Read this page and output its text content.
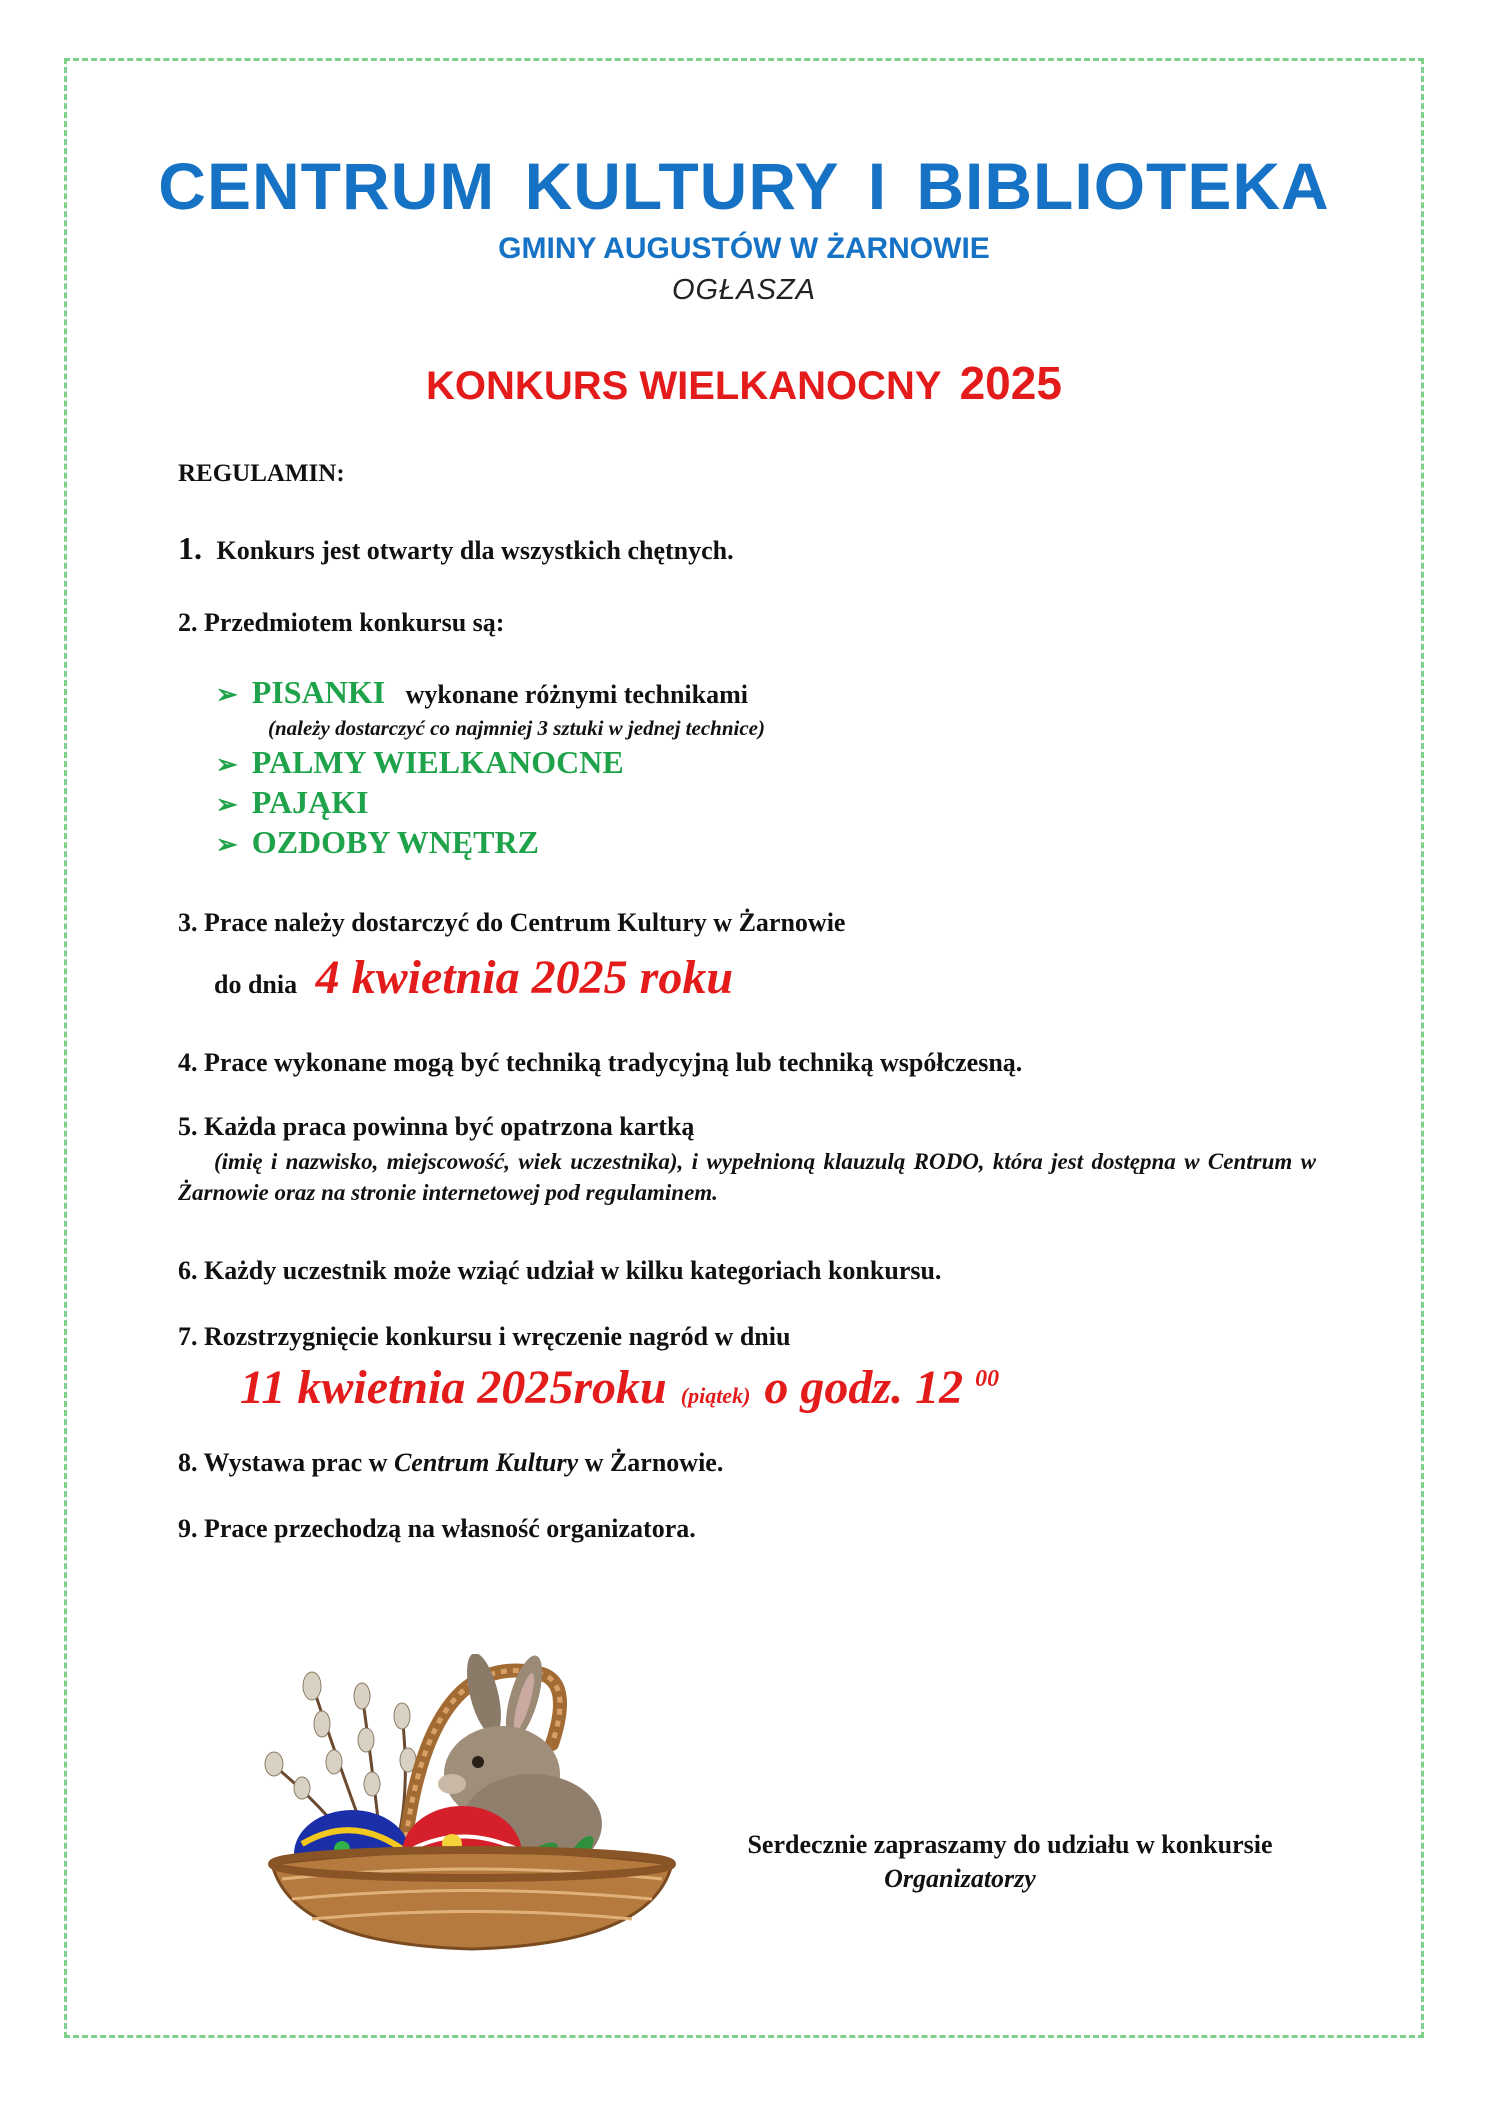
CENTRUM KULTURY I BIBLIOTEKA
GMINY AUGUSTÓW W ŻARNOWIE
OGŁASZA
KONKURS WIELKANOCNY 2025
REGULAMIN:
1. Konkurs jest otwarty dla wszystkich chętnych.
2. Przedmiotem konkursu są:
➢ PISANKI wykonane różnymi technikami
(należy dostarczyć co najmniej 3 sztuki w jednej technice)
➢ PALMY WIELKANOCNE
➢ PAJĄKI
➢ OZDOBY WNĘTRZ
3. Prace należy dostarczyć do Centrum Kultury w Żarnowie
do dnia 4 kwietnia 2025 roku
4. Prace wykonane mogą być techniką tradycyjną lub techniką współczesną.
5. Każda praca powinna być opatrzona kartką
(imię i nazwisko, miejscowość, wiek uczestnika), i wypełnioną klauzulą RODO, która jest dostępna w Centrum w Żarnowie oraz na stronie internetowej pod regulaminem.
6. Każdy uczestnik może wziąć udział w kilku kategoriach konkursu.
7. Rozstrzygnięcie konkursu i wręczenie nagród w dniu
11 kwietnia 2025roku (piątek) o godz. 12 $^{00}$
8. Wystawa prac w Centrum Kultury w Żarnowie.
9. Prace przechodzą na własność organizatora.
Serdecznie zapraszamy do udziału w konkursie
Organizatorzy
